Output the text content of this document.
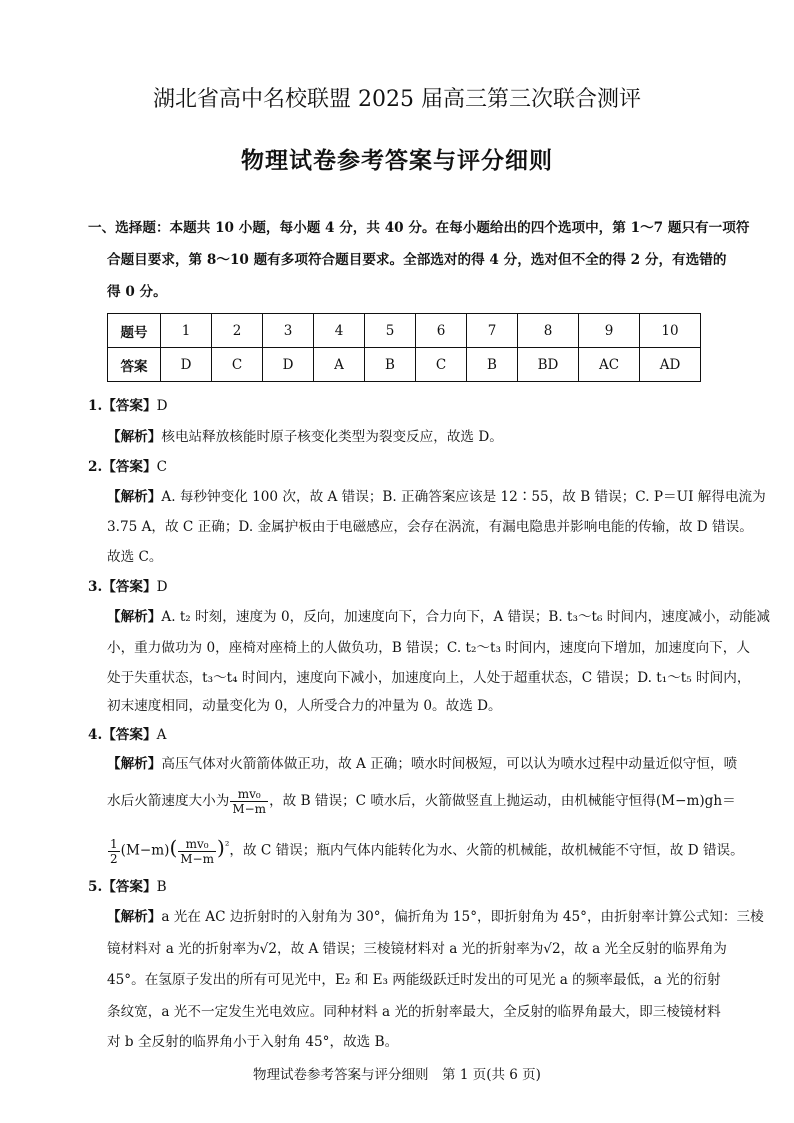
湖北省高中名校联盟 2025 届高三第三次联合测评
物理试卷参考答案与评分细则
一、选择题：本题共 10 小题，每小题 4 分，共 40 分。在每小题给出的四个选项中，第 1～7 题只有一项符
合题目要求，第 8～10 题有多项符合题目要求。全部选对的得 4 分，选对但不全的得 2 分，有选错的
得 0 分。
题号	1	2	3	4	5	6	7	8	9	10
答案	D	C	D	A	B	C	B	BD	AC	AD
1.【答案】D
【解析】核电站释放核能时原子核变化类型为裂变反应，故选 D。
2.【答案】C
【解析】A. 每秒钟变化 100 次，故 A 错误；B. 正确答案应该是 12∶55，故 B 错误；C. P＝UI 解得电流为
3.75 A，故 C 正确；D. 金属护板由于电磁感应，会存在涡流，有漏电隐患并影响电能的传输，故 D 错误。
故选 C。
3.【答案】D
【解析】A. t₂ 时刻，速度为 0，反向，加速度向下，合力向下，A 错误；B. t₃～t₆ 时间内，速度减小，动能减
小，重力做功为 0，座椅对座椅上的人做负功，B 错误；C. t₂～t₃ 时间内，速度向下增加，加速度向下，人
处于失重状态，t₃～t₄ 时间内，速度向下减小，加速度向上，人处于超重状态，C 错误；D. t₁～t₅ 时间内，
初末速度相同，动量变化为 0，人所受合力的冲量为 0。故选 D。
4.【答案】A
【解析】高压气体对火箭箭体做正功，故 A 正确；喷水时间极短，可以认为喷水过程中动量近似守恒，喷
水后火箭速度大小为 $\frac{\text{mv₀}}{M-m}$ ，故 B 错误；C 喷水后，火箭做竖直上抛运动，由机械能守恒得(M−m)gh＝
$\frac{1}{2} (M-m)( \frac{\text{mv₀}}{M-m} )^{^2}$，故 C 错误；瓶内气体内能转化为水、火箭的机械能，故机械能不守恒，故 D 错误。
5.【答案】B
【解析】a 光在 AC 边折射时的入射角为 30°，偏折角为 15°，即折射角为 45°，由折射率计算公式知：三棱
镜材料对 a 光的折射率为√2，故 A 错误；三棱镜材料对 a 光的折射率为√2，故 a 光全反射的临界角为
45°。在氢原子发出的所有可见光中，E₂ 和 E₃ 两能级跃迁时发出的可见光 a 的频率最低，a 光的衍射
条纹宽，a 光不一定发生光电效应。同种材料 a 光的折射率最大，全反射的临界角最大，即三棱镜材料
对 b 全反射的临界角小于入射角 45°，故选 B。
物理试卷参考答案与评分细则　第 1 页(共 6 页)
